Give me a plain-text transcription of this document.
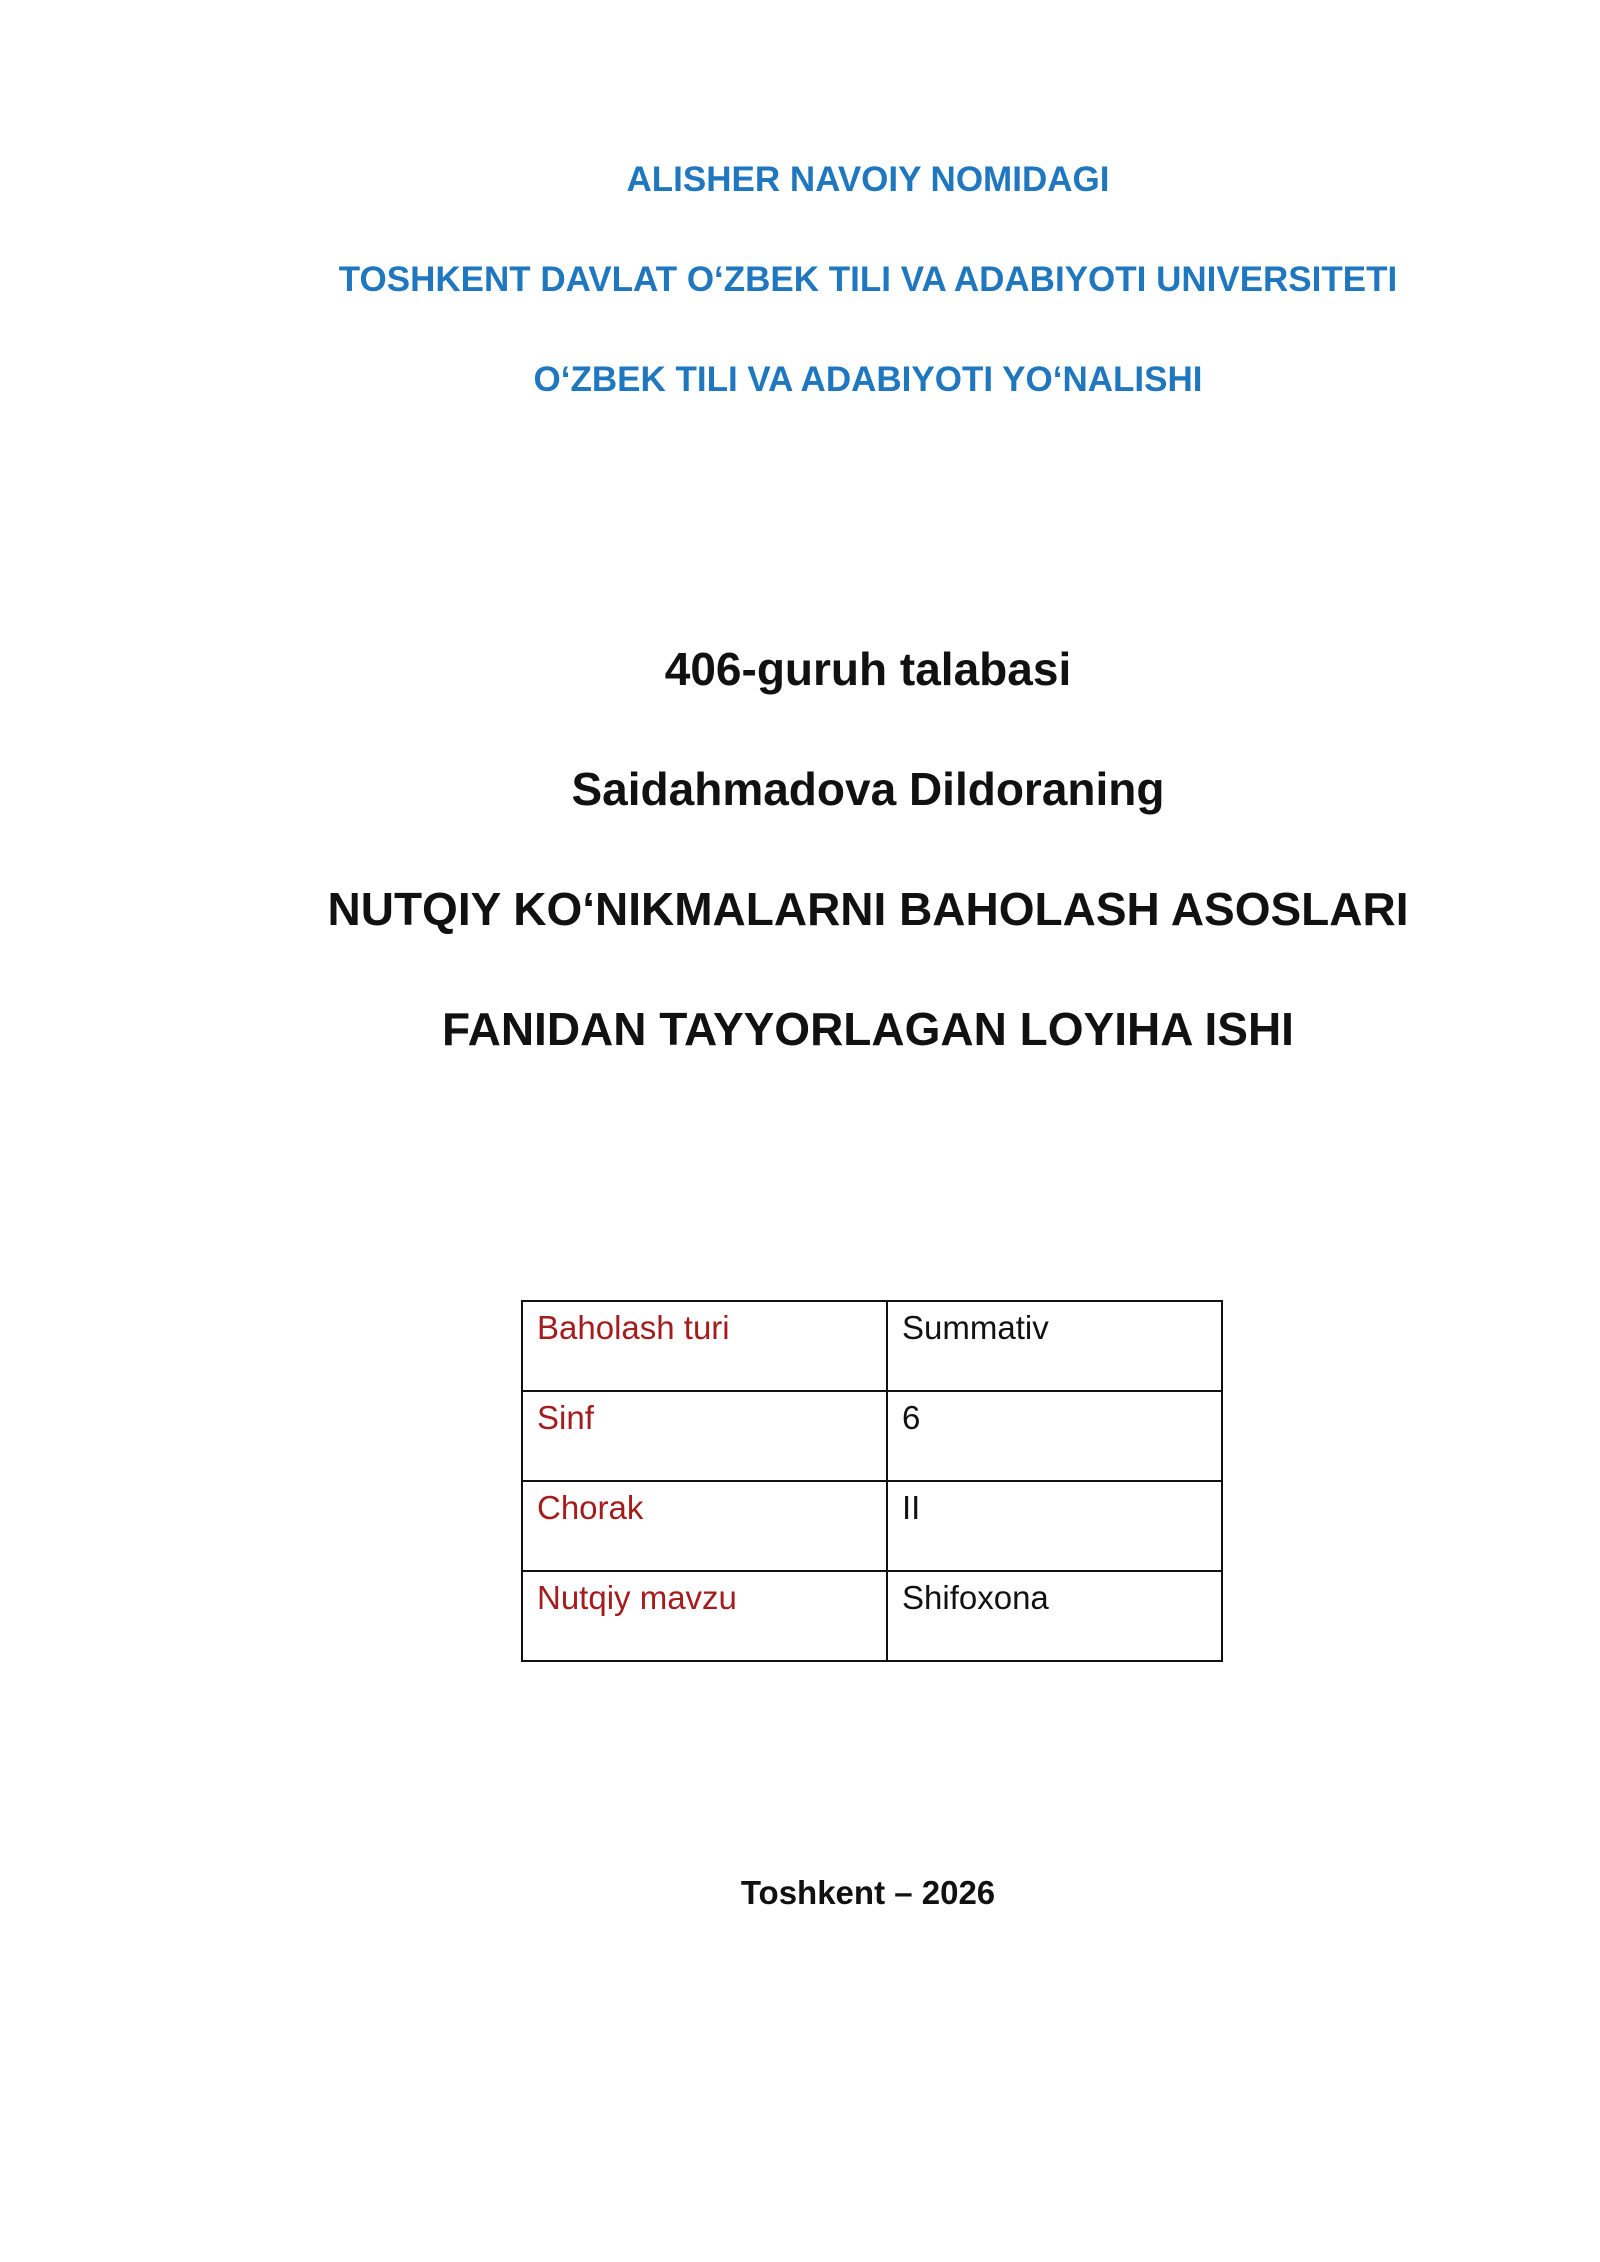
ALISHER NAVOIY NOMIDAGI

TOSHKENT DAVLAT O‘ZBEK TILI VA ADABIYOTI UNIVERSITETI

O‘ZBEK TILI VA ADABIYOTI YO‘NALISHI

406-guruh talabasi

Saidahmadova Dildoraning

NUTQIY KO‘NIKMALARNI BAHOLASH ASOSLARI

FANIDAN TAYYORLAGAN LOYIHA ISHI

Baholash turi	Summativ
Sinf	6
Chorak	II
Nutqiy mavzu	Shifoxona

Toshkent – 2026
